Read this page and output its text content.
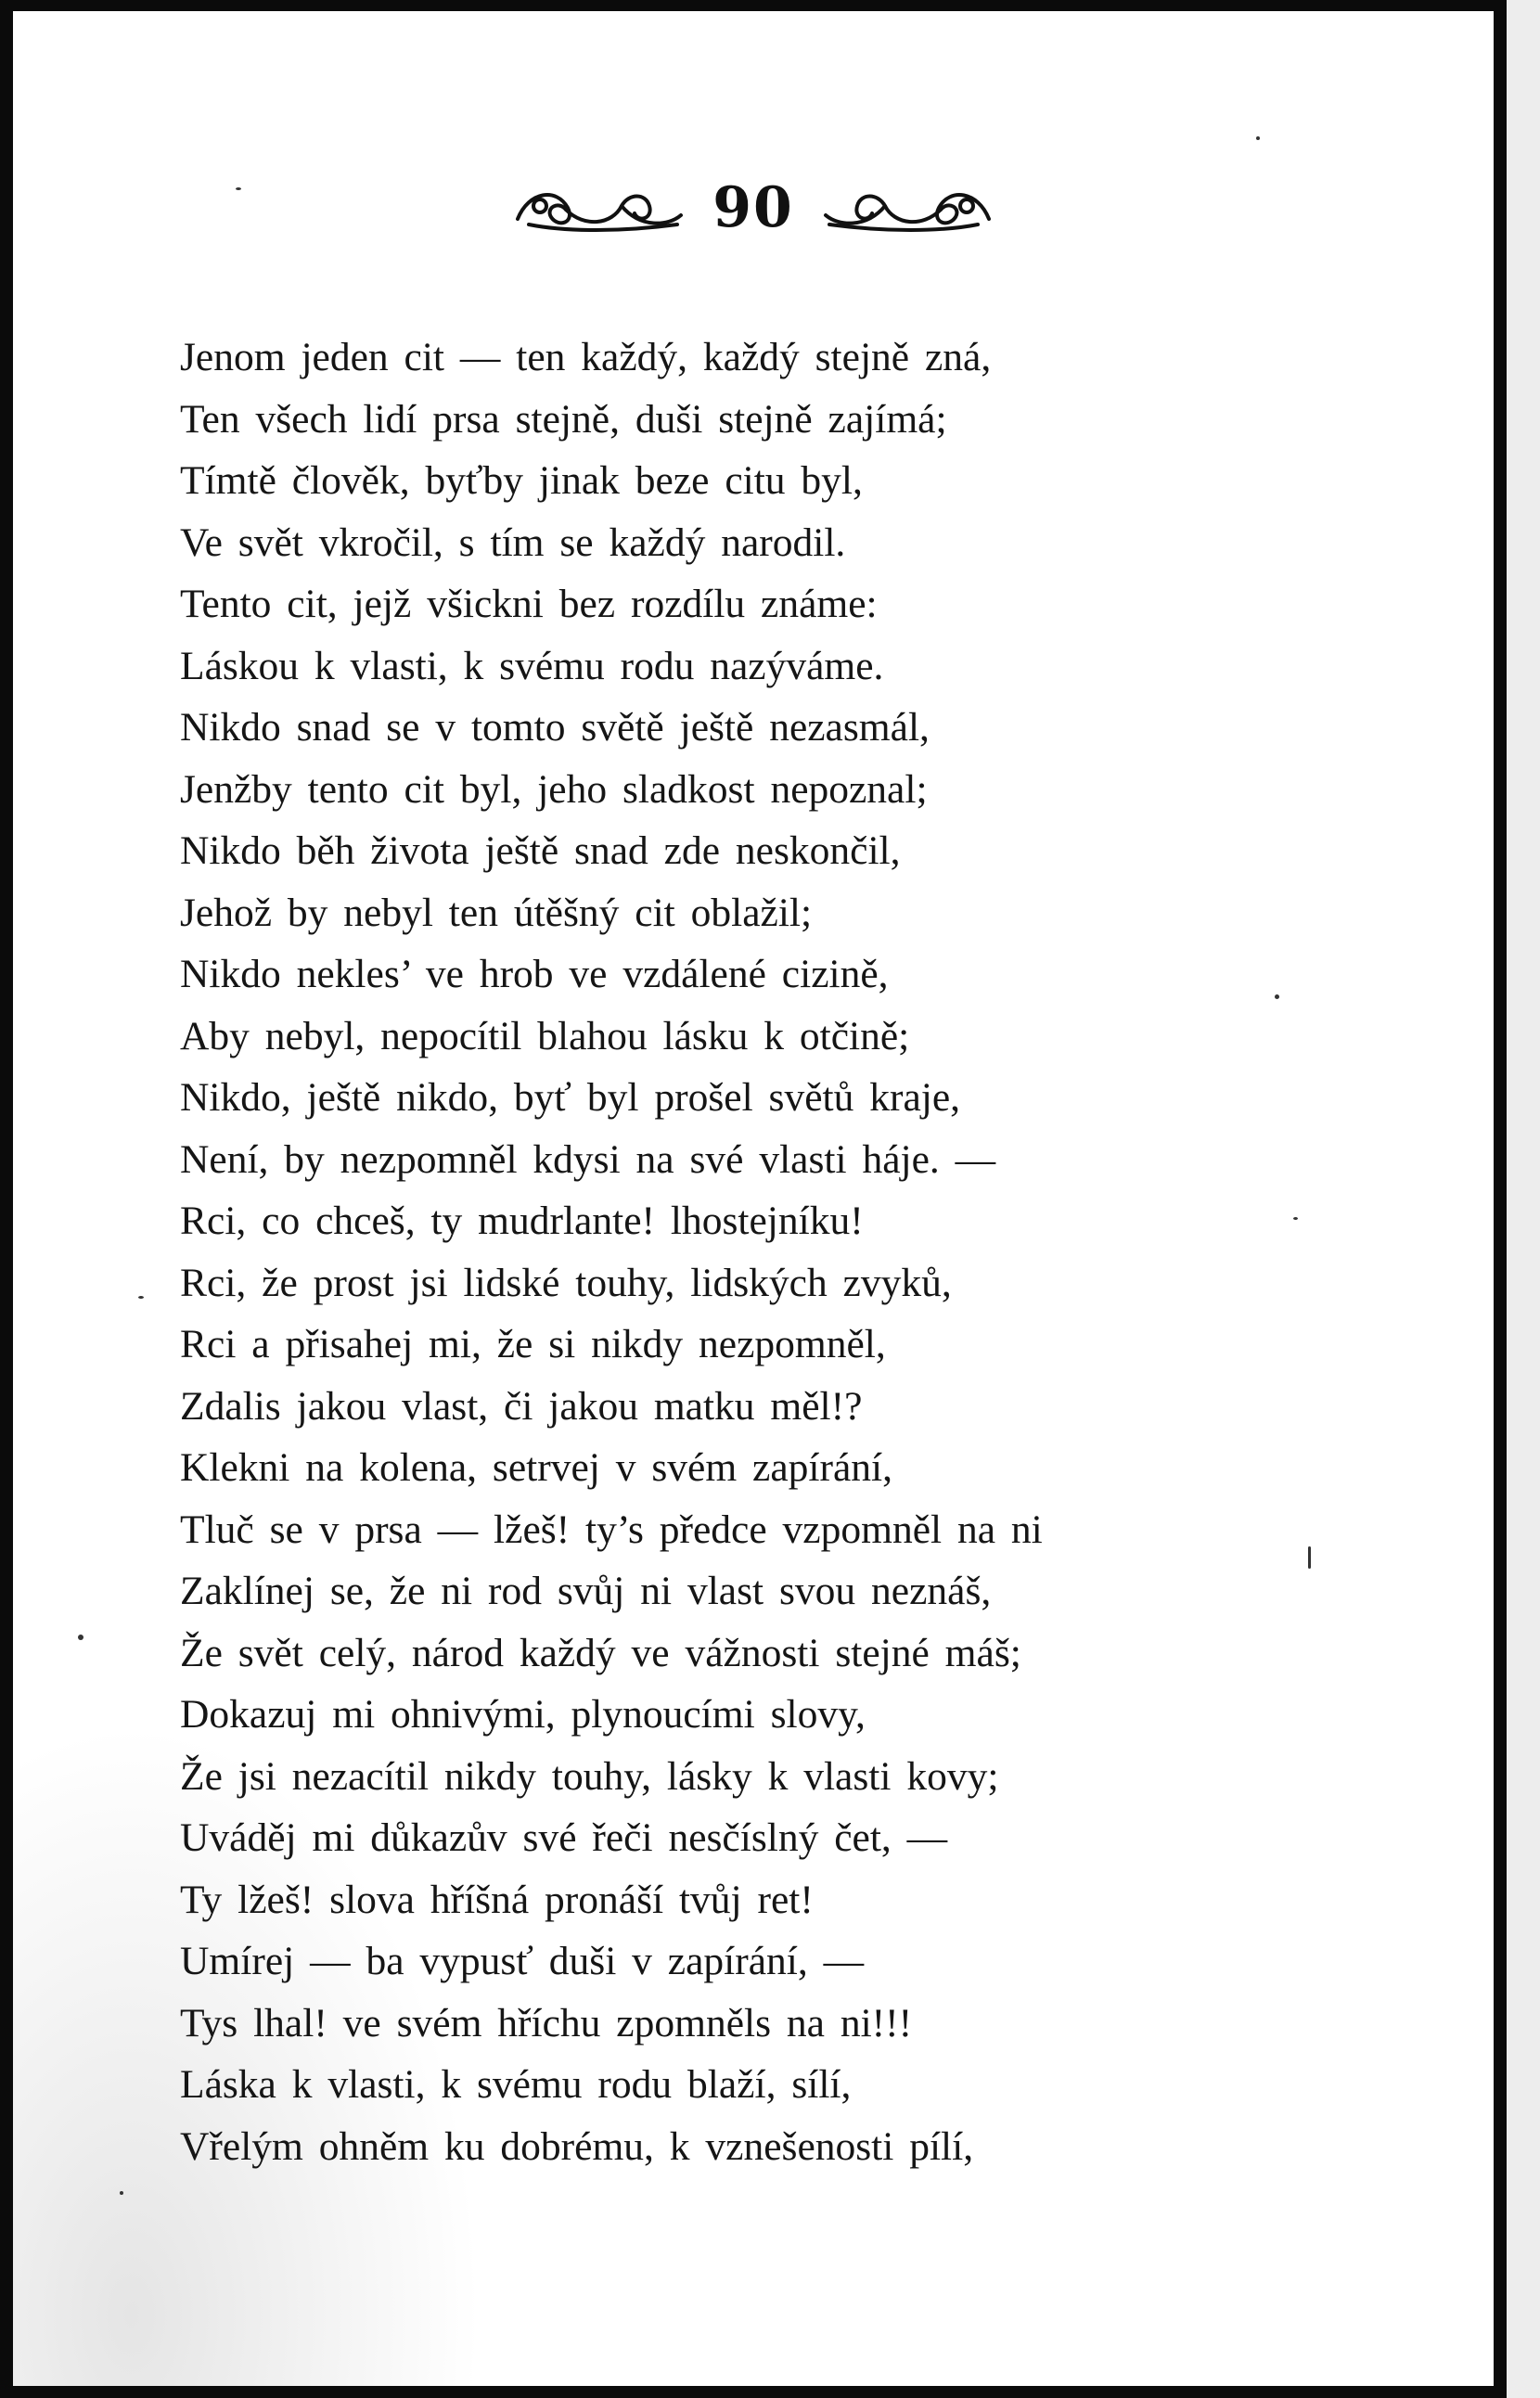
90
Jenom jeden cit — ten každý, každý stejně zná,
Ten všech lidí prsa stejně, duši stejně zajímá;
Tímtě člověk, byťby jinak beze citu byl,
Ve svět vkročil, s tím se každý narodil.
Tento cit, jejž všickni bez rozdílu známe:
Láskou k vlasti, k svému rodu nazýváme.
Nikdo snad se v tomto světě ještě nezasmál,
Jenžby tento cit byl, jeho sladkost nepoznal;
Nikdo běh života ještě snad zde neskončil,
Jehož by nebyl ten útěšný cit oblažil;
Nikdo nekles’ ve hrob ve vzdálené cizině,
Aby nebyl, nepocítil blahou lásku k otčině;
Nikdo, ještě nikdo, byť byl prošel světů kraje,
Není, by nezpomněl kdysi na své vlasti háje. —
Rci, co chceš, ty mudrlante! lhostejníku!
Rci, že prost jsi lidské touhy, lidských zvyků,
Rci a přisahej mi, že si nikdy nezpomněl,
Zdalis jakou vlast, či jakou matku měl!?
Klekni na kolena, setrvej v svém zapírání,
Tluč se v prsa — lžeš! ty’s předce vzpomněl na ni
Zaklínej se, že ni rod svůj ni vlast svou neznáš,
Že svět celý, národ každý ve vážnosti stejné máš;
Dokazuj mi ohnivými, plynoucími slovy,
Že jsi nezacítil nikdy touhy, lásky k vlasti kovy;
Uváděj mi důkazův své řeči nesčíslný čet, —
Ty lžeš! slova hříšná pronáší tvůj ret!
Umírej — ba vypusť duši v zapírání, —
Tys lhal! ve svém hříchu zpomněls na ni!!!
Láska k vlasti, k svému rodu blaží, sílí,
Vřelým ohněm ku dobrému, k vznešenosti pílí,
